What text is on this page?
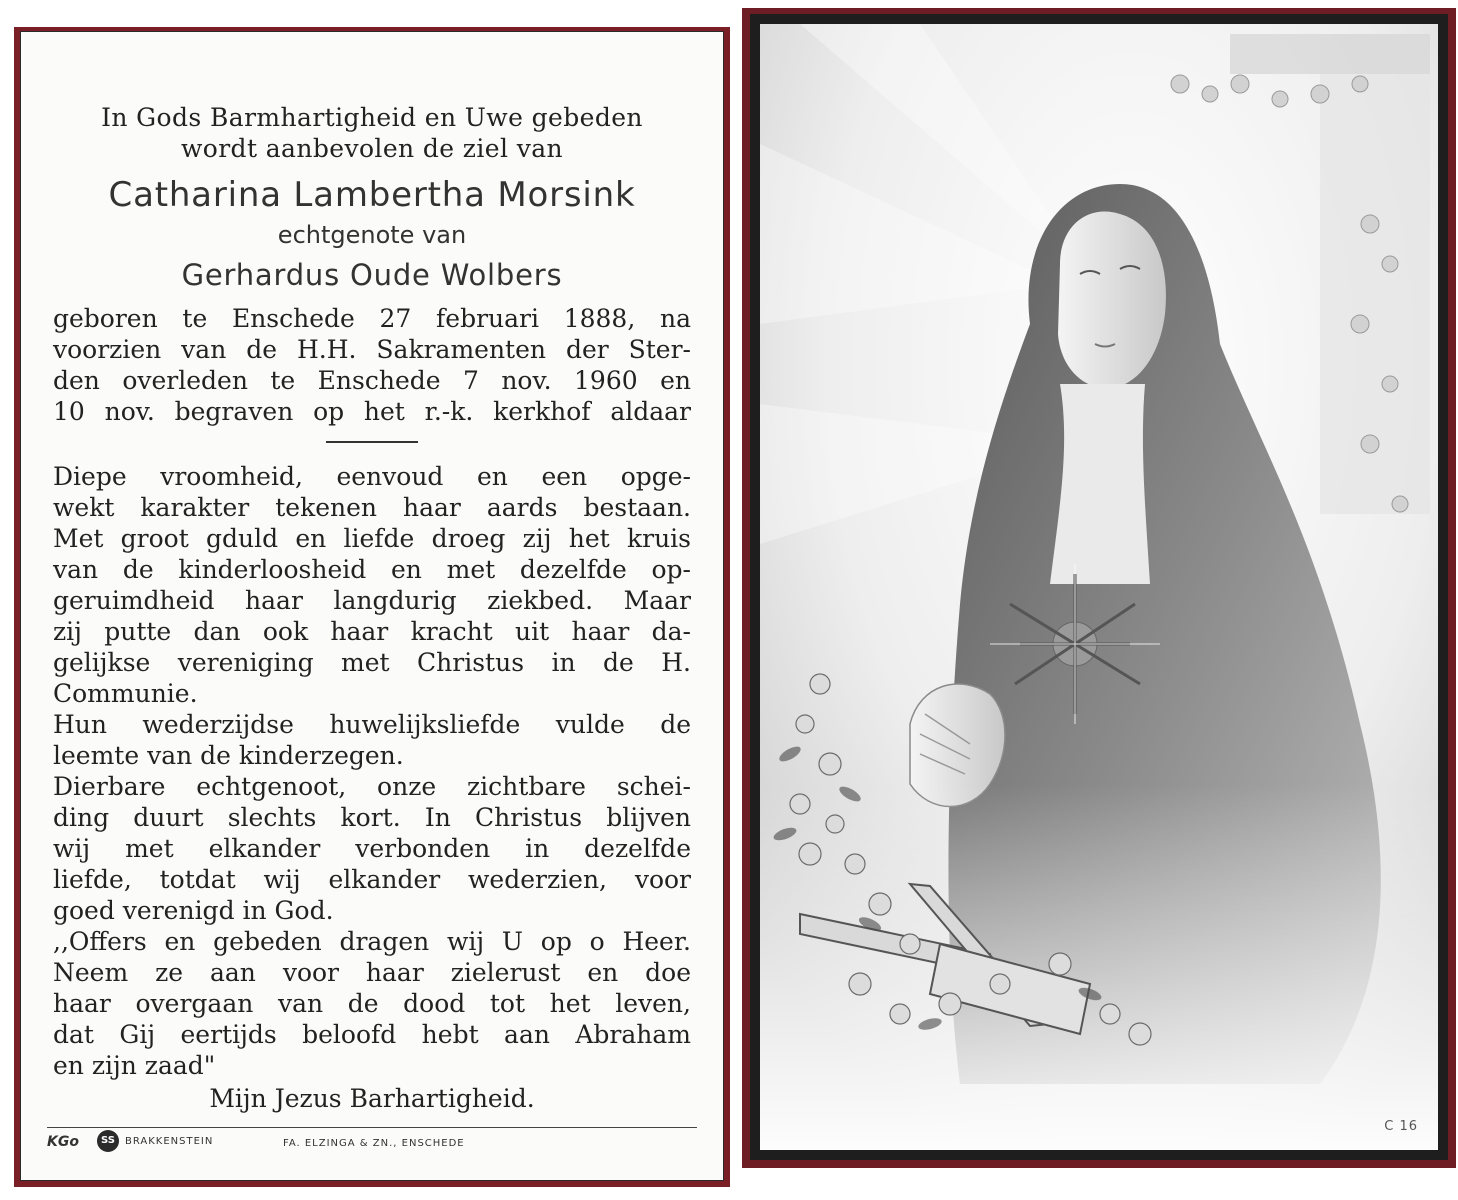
In Gods Barmhartigheid en Uwe gebeden
wordt aanbevolen de ziel van
Catharina Lambertha Morsink
echtgenote van
Gerhardus Oude Wolbers

geboren te Enschede 27 februari 1888, na

voorzien van de H.H. Sakramenten der Ster-

den overleden te Enschede 7 nov. 1960 en

10 nov. begraven op het r.-k. kerkhof aldaar

Diepe vroomheid, eenvoud en een opge-

wekt karakter tekenen haar aards bestaan.

Met groot gduld en liefde droeg zij het kruis

van de kinderloosheid en met dezelfde op-

geruimdheid haar langdurig ziekbed. Maar

zij putte dan ook haar kracht uit haar da-

gelijkse vereniging met Christus in de H.

Communie.

Hun wederzijdse huwelijksliefde vulde de

leemte van de kinderzegen.

Dierbare echtgenoot, onze zichtbare schei-

ding duurt slechts kort. In Christus blijven

wij met elkander verbonden in dezelfde

liefde, totdat wij elkander wederzien, voor

goed verenigd in God.

,,Offers en gebeden dragen wij U op o Heer.

Neem ze aan voor haar zielerust en doe

haar overgaan van de dood tot het leven,

dat Gij eertijds beloofd hebt aan Abraham

en zijn zaad"

Mijn Jezus Barhartigheid.
KGo	SS	BRAKKENSTEIN	FA. ELZINGA & ZN., ENSCHEDE
C 16
